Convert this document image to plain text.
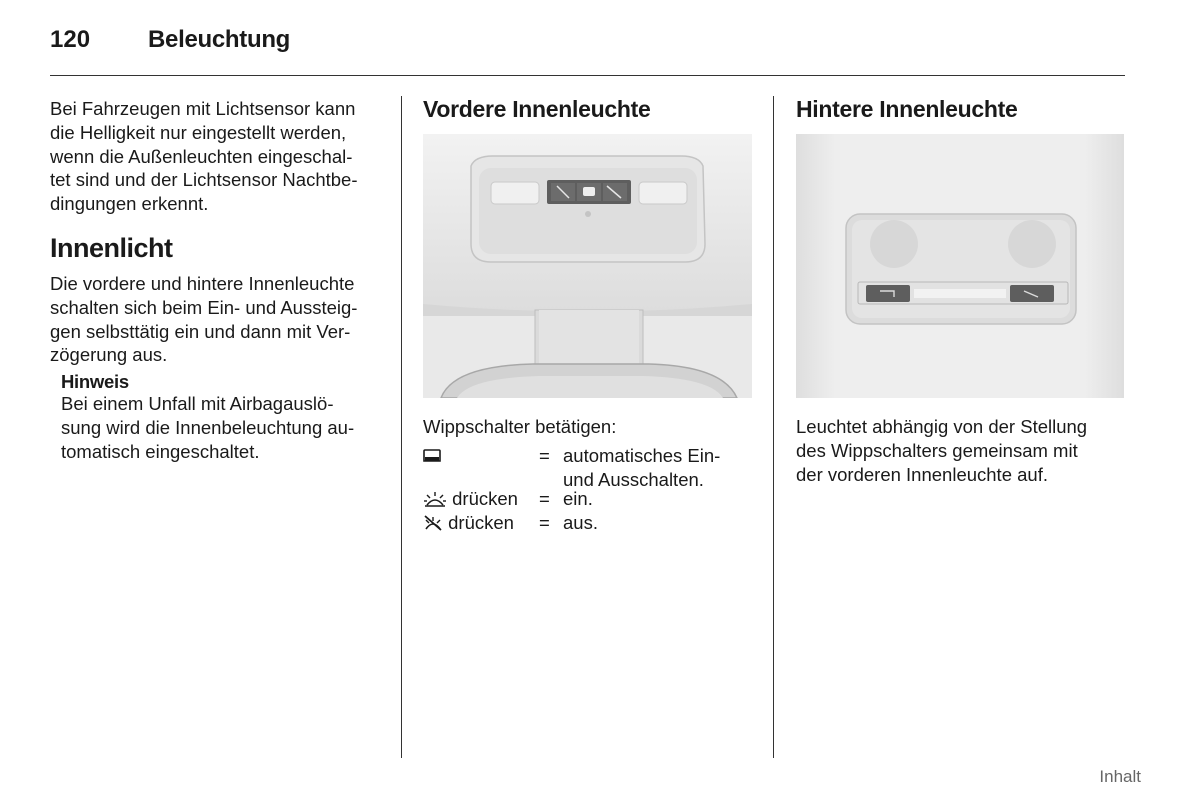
120 Beleuchtung
Bei Fahrzeugen mit Lichtsensor kann
die Helligkeit nur eingestellt werden,
wenn die Außenleuchten eingeschal-
tet sind und der Lichtsensor Nachtbe-
dingungen erkennt.
Innenlicht
Die vordere und hintere Innenleuchte
schalten sich beim Ein- und Aussteig-
gen selbsttätig ein und dann mit Ver-
zögerung aus.
Hinweis
Bei einem Unfall mit Airbagauslö-
sung wird die Innenbeleuchtung au-
tomatisch eingeschaltet.
Vordere Innenleuchte
Wippschalter betätigen:
= automatisches Ein-
und Ausschalten.
drücken = ein.
drücken = aus.
Hintere Innenleuchte
Leuchtet abhängig von der Stellung
des Wippschalters gemeinsam mit
der vorderen Innenleuchte auf.
Inhalt
